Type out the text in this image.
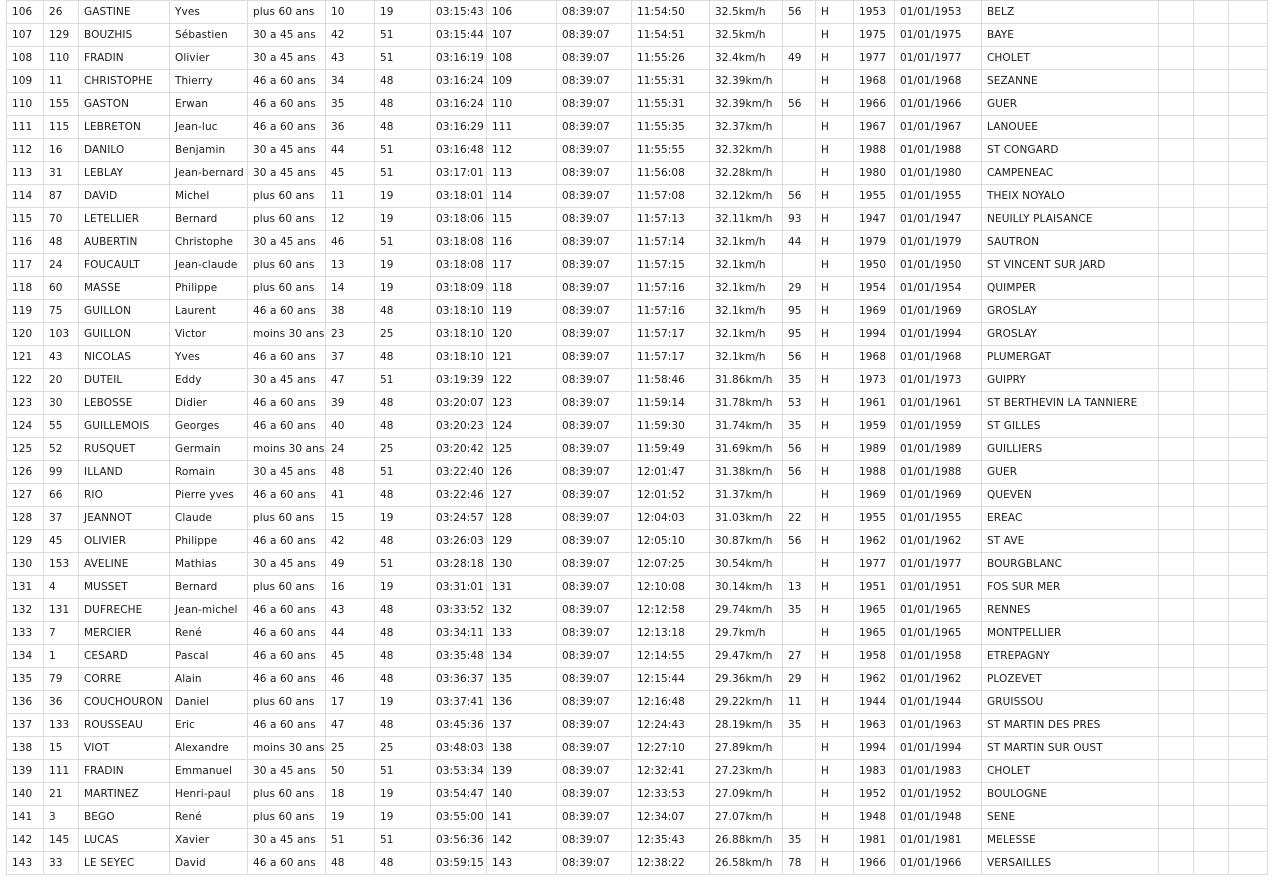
106	26	GASTINE	Yves	plus 60 ans	10	19	03:15:43	106	08:39:07	11:54:50	32.5km/h	56	H	1953	01/01/1953	BELZ			
107	129	BOUZHIS	Sébastien	30 a 45 ans	42	51	03:15:44	107	08:39:07	11:54:51	32.5km/h		H	1975	01/01/1975	BAYE			
108	110	FRADIN	Olivier	30 a 45 ans	43	51	03:16:19	108	08:39:07	11:55:26	32.4km/h	49	H	1977	01/01/1977	CHOLET			
109	11	CHRISTOPHE	Thierry	46 a 60 ans	34	48	03:16:24	109	08:39:07	11:55:31	32.39km/h		H	1968	01/01/1968	SEZANNE			
110	155	GASTON	Erwan	46 a 60 ans	35	48	03:16:24	110	08:39:07	11:55:31	32.39km/h	56	H	1966	01/01/1966	GUER			
111	115	LEBRETON	Jean-luc	46 a 60 ans	36	48	03:16:29	111	08:39:07	11:55:35	32.37km/h		H	1967	01/01/1967	LANOUEE			
112	16	DANILO	Benjamin	30 a 45 ans	44	51	03:16:48	112	08:39:07	11:55:55	32.32km/h		H	1988	01/01/1988	ST CONGARD			
113	31	LEBLAY	Jean-bernard	30 a 45 ans	45	51	03:17:01	113	08:39:07	11:56:08	32.28km/h		H	1980	01/01/1980	CAMPENEAC			
114	87	DAVID	Michel	plus 60 ans	11	19	03:18:01	114	08:39:07	11:57:08	32.12km/h	56	H	1955	01/01/1955	THEIX NOYALO			
115	70	LETELLIER	Bernard	plus 60 ans	12	19	03:18:06	115	08:39:07	11:57:13	32.11km/h	93	H	1947	01/01/1947	NEUILLY PLAISANCE			
116	48	AUBERTIN	Christophe	30 a 45 ans	46	51	03:18:08	116	08:39:07	11:57:14	32.1km/h	44	H	1979	01/01/1979	SAUTRON			
117	24	FOUCAULT	Jean-claude	plus 60 ans	13	19	03:18:08	117	08:39:07	11:57:15	32.1km/h		H	1950	01/01/1950	ST VINCENT SUR JARD			
118	60	MASSE	Philippe	plus 60 ans	14	19	03:18:09	118	08:39:07	11:57:16	32.1km/h	29	H	1954	01/01/1954	QUIMPER			
119	75	GUILLON	Laurent	46 a 60 ans	38	48	03:18:10	119	08:39:07	11:57:16	32.1km/h	95	H	1969	01/01/1969	GROSLAY			
120	103	GUILLON	Victor	moins 30 ans	23	25	03:18:10	120	08:39:07	11:57:17	32.1km/h	95	H	1994	01/01/1994	GROSLAY			
121	43	NICOLAS	Yves	46 a 60 ans	37	48	03:18:10	121	08:39:07	11:57:17	32.1km/h	56	H	1968	01/01/1968	PLUMERGAT			
122	20	DUTEIL	Eddy	30 a 45 ans	47	51	03:19:39	122	08:39:07	11:58:46	31.86km/h	35	H	1973	01/01/1973	GUIPRY			
123	30	LEBOSSE	Didier	46 a 60 ans	39	48	03:20:07	123	08:39:07	11:59:14	31.78km/h	53	H	1961	01/01/1961	ST BERTHEVIN LA TANNIERE			
124	55	GUILLEMOIS	Georges	46 a 60 ans	40	48	03:20:23	124	08:39:07	11:59:30	31.74km/h	35	H	1959	01/01/1959	ST GILLES			
125	52	RUSQUET	Germain	moins 30 ans	24	25	03:20:42	125	08:39:07	11:59:49	31.69km/h	56	H	1989	01/01/1989	GUILLIERS			
126	99	ILLAND	Romain	30 a 45 ans	48	51	03:22:40	126	08:39:07	12:01:47	31.38km/h	56	H	1988	01/01/1988	GUER			
127	66	RIO	Pierre yves	46 a 60 ans	41	48	03:22:46	127	08:39:07	12:01:52	31.37km/h		H	1969	01/01/1969	QUEVEN			
128	37	JEANNOT	Claude	plus 60 ans	15	19	03:24:57	128	08:39:07	12:04:03	31.03km/h	22	H	1955	01/01/1955	EREAC			
129	45	OLIVIER	Philippe	46 a 60 ans	42	48	03:26:03	129	08:39:07	12:05:10	30.87km/h	56	H	1962	01/01/1962	ST AVE			
130	153	AVELINE	Mathias	30 a 45 ans	49	51	03:28:18	130	08:39:07	12:07:25	30.54km/h		H	1977	01/01/1977	BOURGBLANC			
131	4	MUSSET	Bernard	plus 60 ans	16	19	03:31:01	131	08:39:07	12:10:08	30.14km/h	13	H	1951	01/01/1951	FOS SUR MER			
132	131	DUFRECHE	Jean-michel	46 a 60 ans	43	48	03:33:52	132	08:39:07	12:12:58	29.74km/h	35	H	1965	01/01/1965	RENNES			
133	7	MERCIER	René	46 a 60 ans	44	48	03:34:11	133	08:39:07	12:13:18	29.7km/h		H	1965	01/01/1965	MONTPELLIER			
134	1	CESARD	Pascal	46 a 60 ans	45	48	03:35:48	134	08:39:07	12:14:55	29.47km/h	27	H	1958	01/01/1958	ETREPAGNY			
135	79	CORRE	Alain	46 a 60 ans	46	48	03:36:37	135	08:39:07	12:15:44	29.36km/h	29	H	1962	01/01/1962	PLOZEVET			
136	36	COUCHOURON	Daniel	plus 60 ans	17	19	03:37:41	136	08:39:07	12:16:48	29.22km/h	11	H	1944	01/01/1944	GRUISSOU			
137	133	ROUSSEAU	Eric	46 a 60 ans	47	48	03:45:36	137	08:39:07	12:24:43	28.19km/h	35	H	1963	01/01/1963	ST MARTIN DES PRES			
138	15	VIOT	Alexandre	moins 30 ans	25	25	03:48:03	138	08:39:07	12:27:10	27.89km/h		H	1994	01/01/1994	ST MARTIN SUR OUST			
139	111	FRADIN	Emmanuel	30 a 45 ans	50	51	03:53:34	139	08:39:07	12:32:41	27.23km/h		H	1983	01/01/1983	CHOLET			
140	21	MARTINEZ	Henri-paul	plus 60 ans	18	19	03:54:47	140	08:39:07	12:33:53	27.09km/h		H	1952	01/01/1952	BOULOGNE			
141	3	BEGO	René	plus 60 ans	19	19	03:55:00	141	08:39:07	12:34:07	27.07km/h		H	1948	01/01/1948	SENE			
142	145	LUCAS	Xavier	30 a 45 ans	51	51	03:56:36	142	08:39:07	12:35:43	26.88km/h	35	H	1981	01/01/1981	MELESSE			
143	33	LE SEYEC	David	46 a 60 ans	48	48	03:59:15	143	08:39:07	12:38:22	26.58km/h	78	H	1966	01/01/1966	VERSAILLES			
